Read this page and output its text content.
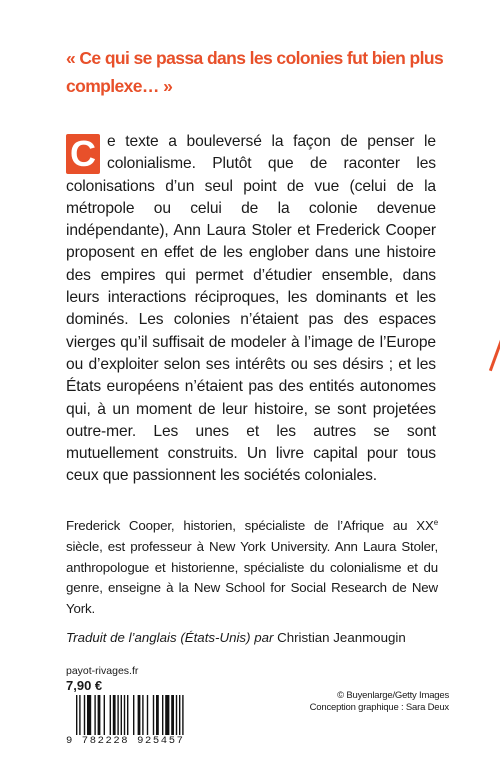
« Ce qui se passa dans les colonies fut bien plus complexe… »
C e texte a bouleversé la façon de penser le colonialisme. Plutôt que de raconter les colonisations d’un seul point de vue (celui de la métropole ou celui de la colonie devenue indépendante), Ann Laura Stoler et Frederick Cooper proposent en effet de les englober dans une histoire des empires qui permet d’étudier ensemble, dans leurs interactions réciproques, les dominants et les dominés. Les colonies n’étaient pas des espaces vierges qu’il suffisait de modeler à l’image de l’Europe ou d’exploiter selon ses intérêts ou ses désirs ; et les États européens n’étaient pas des entités autonomes qui, à un moment de leur histoire, se sont projetées outre-mer. Les unes et les autres se sont mutuellement construits. Un livre capital pour tous ceux que passionnent les sociétés coloniales.
Frederick Cooper, historien, spécialiste de l’Afrique au XXe siècle, est professeur à New York University. Ann Laura Stoler, anthropologue et historienne, spécialiste du colonialisme et du genre, enseigne à la New School for Social Research de New York.
Traduit de l’anglais (États-Unis) par Christian Jeanmougin
payot-rivages.fr
7,90 €
9 782228 925457
© Buyenlarge/Getty Images
Conception graphique : Sara Deux
